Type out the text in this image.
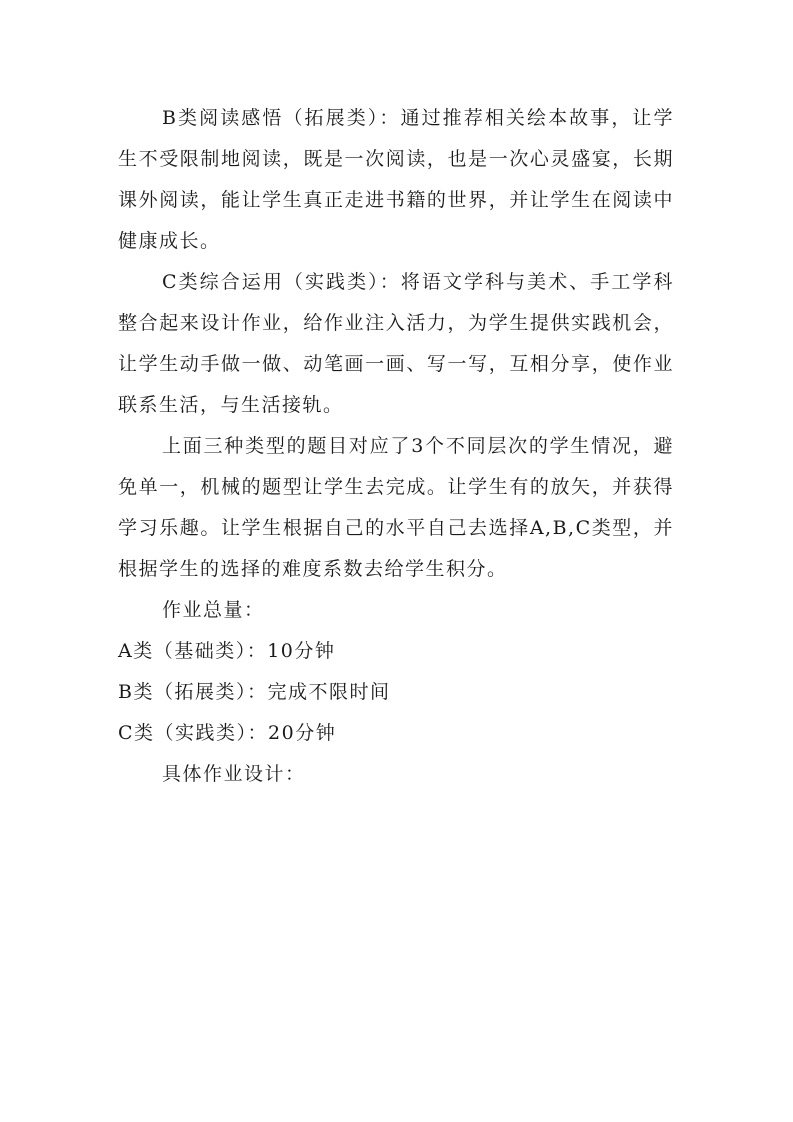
B类阅读感悟（拓展类）：通过推荐相关绘本故事，让学生不受限制地阅读，既是一次阅读，也是一次心灵盛宴，长期课外阅读，能让学生真正走进书籍的世界，并让学生在阅读中健康成长。

C类综合运用（实践类）：将语文学科与美术、手工学科整合起来设计作业，给作业注入活力，为学生提供实践机会，让学生动手做一做、动笔画一画、写一写，互相分享，使作业联系生活，与生活接轨。

上面三种类型的题目对应了3个不同层次的学生情况，避免单一，机械的题型让学生去完成。让学生有的放矢，并获得学习乐趣。让学生根据自己的水平自己去选择A,B,C类型，并根据学生的选择的难度系数去给学生积分。

作业总量：

A类（基础类）：10分钟

B类（拓展类）：完成不限时间

C类（实践类）：20分钟

具体作业设计：
